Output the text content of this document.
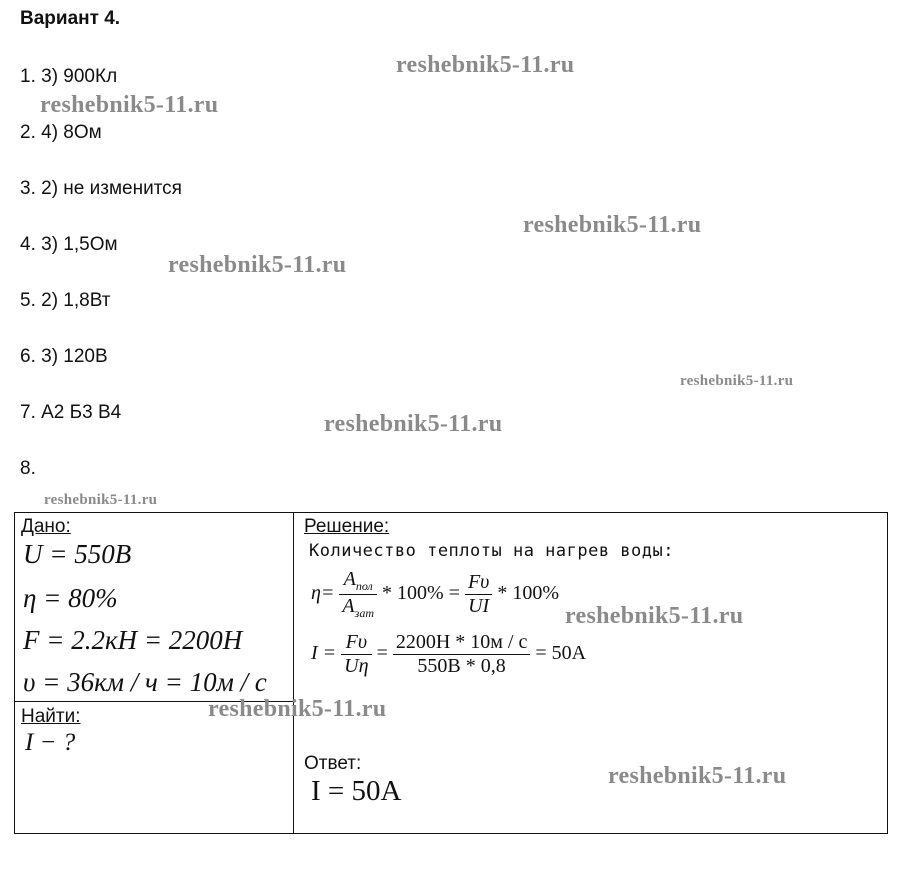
Вариант 4.
1. 3) 900Кл
2. 4) 8Ом
3. 2) не изменится
4. 3) 1,5Ом
5. 2) 1,8Вт
6. 3) 120В
7. А2 Б3 В4
8.
Дано:
U = 550B
η = 80%
F = 2.2кН = 2200Н
υ = 36км / ч = 10м / с
Найти:
I − ?
Решение:
Количество теплоты на нагрев воды:
$\eta= \frac{A_{пол}}{A_{зат}} * 100\% = \frac{F\upsilon}{UI} * 100\%$
$I = \frac{F\upsilon}{U\eta} = \frac{2200H * 10м / с}{550B * 0,8} = 50A$
Ответ:
I = 50A
reshebnik5-11.ru
reshebnik5-11.ru
reshebnik5-11.ru
reshebnik5-11.ru
reshebnik5-11.ru
reshebnik5-11.ru
reshebnik5-11.ru
reshebnik5-11.ru
reshebnik5-11.ru
reshebnik5-11.ru
